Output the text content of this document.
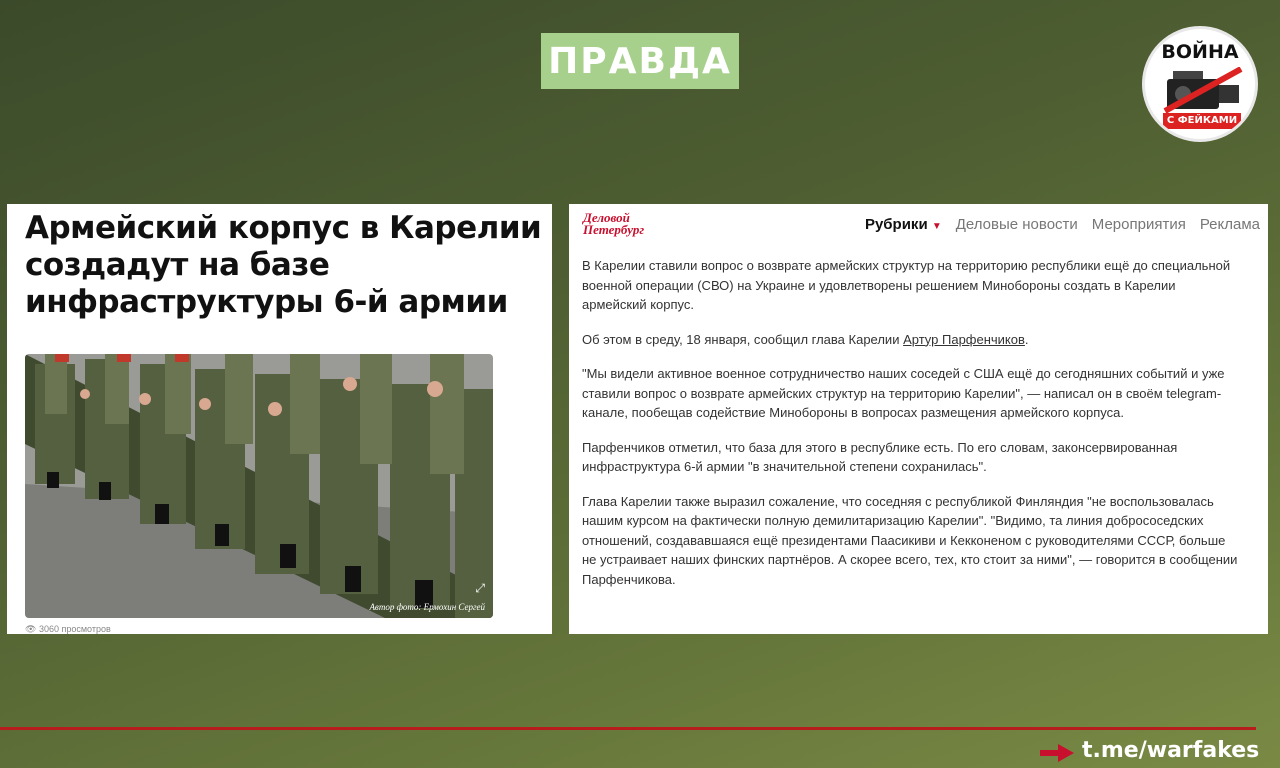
ПРАВДА	ВОЙНА
С ФЕЙКАМИ
Армейский корпус в Карелии создадут на базе инфраструктуры 6-й армии
⤢
Автор фото: Ермохин Сергей
👁 3060 просмотров
Деловой
Петербург	Рубрики ▼ Деловые новости Мероприятия Реклама

В Карелии ставили вопрос о возврате армейских структур на территорию республики ещё до специальной военной операции (СВО) на Украине и удовлетворены решением Минобороны создать в Карелии армейский корпус.

Об этом в среду, 18 января, сообщил глава Карелии Артур Парфенчиков.

"Мы видели активное военное сотрудничество наших соседей с США ещё до сегодняшних событий и уже ставили вопрос о возврате армейских структур на территорию Карелии", — написал он в своём telegram-канале, пообещав содействие Минобороны в вопросах размещения армейского корпуса.

Парфенчиков отметил, что база для этого в республике есть. По его словам, законсервированная инфраструктура 6-й армии "в значительной степени сохранилась".

Глава Карелии также выразил сожаление, что соседняя с республикой Финляндия "не воспользовалась нашим курсом на фактически полную демилитаризацию Карелии". "Видимо, та линия добрососедских отношений, создававшаяся ещё президентами Паасикиви и Кекконеном с руководителями СССР, больше не устраивает наших финских партнёров. А скорее всего, тех, кто стоит за ними", — говорится в сообщении Парфенчикова.

t.me/warfakes
